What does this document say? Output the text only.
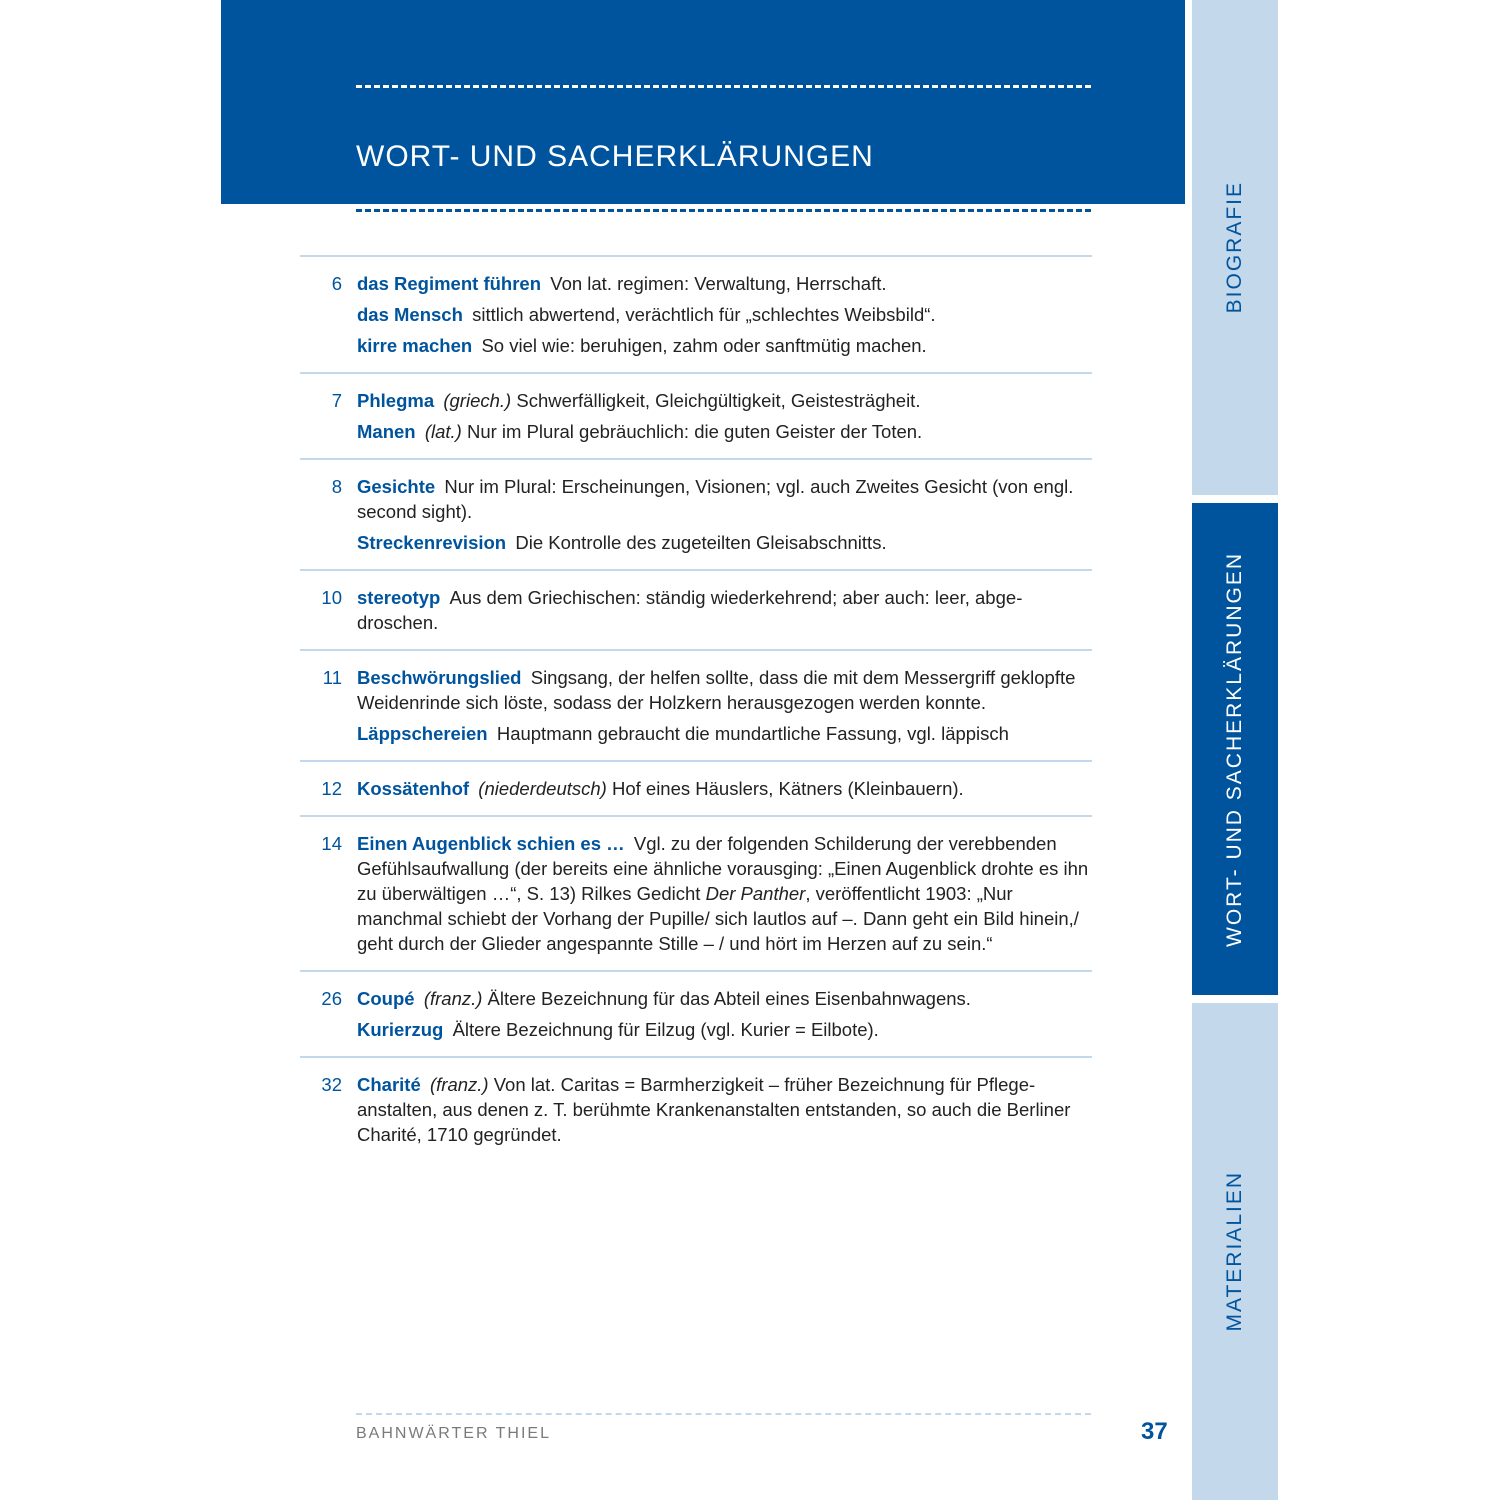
WORT- UND SACHERKLÄRUNGEN
BIOGRAFIE
WORT- UND SACHERKLÄRUNGEN
MATERIALIEN
6 das Regiment führen  Von lat. regimen: Verwaltung, Herrschaft.
das Mensch  sittlich abwertend, verächtlich für „schlechtes Weibsbild“.
kirre machen  So viel wie: beruhigen, zahm oder sanftmütig machen.
7 Phlegma  (griech.) Schwerfälligkeit, Gleichgültigkeit, Geistesträgheit.
Manen  (lat.) Nur im Plural gebräuchlich: die guten Geister der Toten.
8 Gesichte  Nur im Plural: Erscheinungen, Visionen; vgl. auch Zweites Gesicht (von engl. second sight).
Streckenrevision  Die Kontrolle des zugeteilten Gleisabschnitts.
10 stereotyp  Aus dem Griechischen: ständig wiederkehrend; aber auch: leer, abgedroschen.
11 Beschwörungslied  Singsang, der helfen sollte, dass die mit dem Messergriff geklopfte Weidenrinde sich löste, sodass der Holzkern herausgezogen werden konnte.
Läppschereien  Hauptmann gebraucht die mundartliche Fassung, vgl. läppisch
12 Kossätenhof  (niederdeutsch) Hof eines Häuslers, Kätners (Kleinbauern).
14 Einen Augenblick schien es …  Vgl. zu der folgenden Schilderung der verebbenden Gefühlsaufwallung (der bereits eine ähnliche vorausging: „Einen Augenblick drohte es ihn zu überwältigen …“, S. 13) Rilkes Gedicht Der Panther, veröffentlicht 1903: „Nur manchmal schiebt der Vorhang der Pupille/ sich lautlos auf –. Dann geht ein Bild hinein,/ geht durch der Glieder angespannte Stille – / und hört im Herzen auf zu sein.“
26 Coupé  (franz.) Ältere Bezeichnung für das Abteil eines Eisenbahnwagens.
Kurierzug  Ältere Bezeichnung für Eilzug (vgl. Kurier = Eilbote).
32 Charité  (franz.) Von lat. Caritas = Barmherzigkeit – früher Bezeichnung für Pflegeanstalten, aus denen z. T. berühmte Krankenanstalten entstanden, so auch die Berliner Charité, 1710 gegründet.
BAHNWÄRTER THIEL	37
